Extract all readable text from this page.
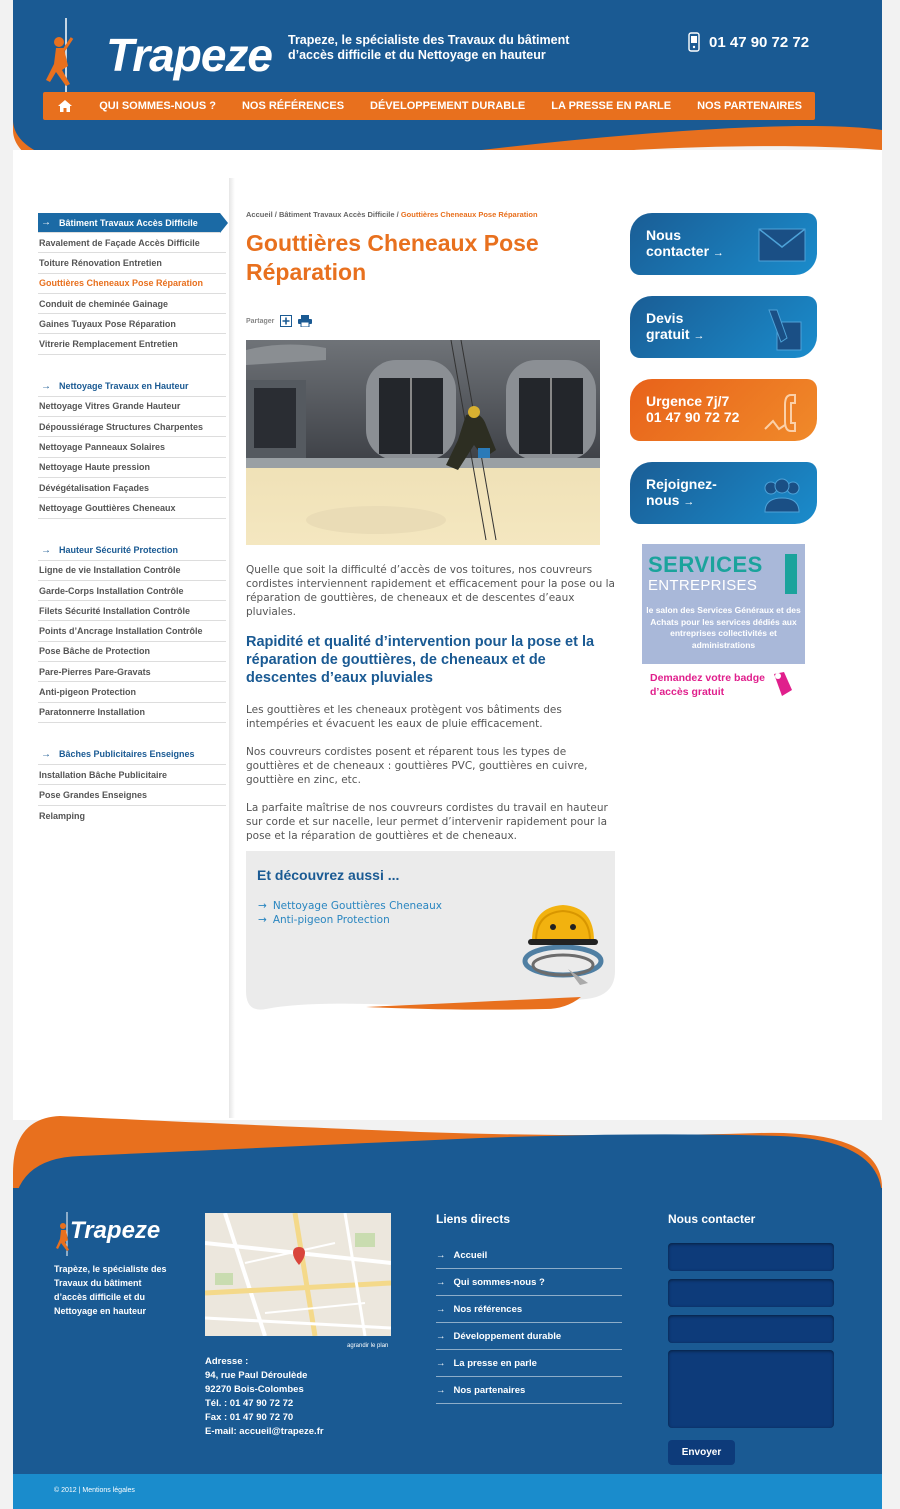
Trapeze Trapeze, le spécialiste des Travaux du bâtiment d’accès difficile et du Nettoyage en hauteur
01 47 90 72 72
QUI SOMMES-NOUS ?	NOS RÉFÉRENCES	DÉVELOPPEMENT DURABLE	LA PRESSE EN PARLE	NOS PARTENAIRES
→ Bâtiment Travaux Accès Difficile
Ravalement de Façade Accès Difficile
Toiture Rénovation Entretien
Gouttières Cheneaux Pose Réparation
Conduit de cheminée Gainage
Gaines Tuyaux Pose Réparation
Vitrerie Remplacement Entretien
→ Nettoyage Travaux en Hauteur
Nettoyage Vitres Grande Hauteur
Dépoussiérage Structures Charpentes
Nettoyage Panneaux Solaires
Nettoyage Haute pression
Dévégétalisation Façades
Nettoyage Gouttières Cheneaux
→ Hauteur Sécurité Protection
Ligne de vie Installation Contrôle
Garde-Corps Installation Contrôle
Filets Sécurité Installation Contrôle
Points d’Ancrage Installation Contrôle
Pose Bâche de Protection
Pare-Pierres Pare-Gravats
Anti-pigeon Protection
Paratonnerre Installation
→ Bâches Publicitaires Enseignes
Installation Bâche Publicitaire
Pose Grandes Enseignes
Relamping
Accueil / Bâtiment Travaux Accès Difficile / Gouttières Cheneaux Pose Réparation
Gouttières Cheneaux Pose Réparation
Partager

Quelle que soit la difficulté d’accès de vos toitures, nos couvreurs cordistes interviennent rapidement et efficacement pour la pose ou la réparation de gouttières, de cheneaux et de descentes d’eaux pluviales.

Rapidité et qualité d’intervention pour la pose et la réparation de gouttières, de cheneaux et de descentes d’eaux pluviales

Les gouttières et les cheneaux protègent vos bâtiments des intempéries et évacuent les eaux de pluie efficacement.

Nos couvreurs cordistes posent et réparent tous les types de gouttières et de cheneaux : gouttières PVC, gouttières en cuivre, gouttière en zinc, etc.

La parfaite maîtrise de nos couvreurs cordistes du travail en hauteur sur corde et sur nacelle, leur permet d’intervenir rapidement pour la pose et la réparation de gouttières et de cheneaux.

Et découvrez aussi ...
→ Nettoyage Gouttières Cheneaux
→ Anti-pigeon Protection
Nous
contacter →
Devis
gratuit →
Urgence 7j/7
01 47 90 72 72
Rejoignez-
nous →
SERVICES
ENTREPRISES
le salon des Services Généraux et des Achats pour les services dédiés aux entreprises collectivités et administrations
Demandez votre badge d’accès gratuit
Trapeze
Trapèze, le spécialiste des Travaux du bâtiment d’accès difficile et du Nettoyage en hauteur
agrandir le plan
Adresse :
94, rue Paul Déroulède
92270 Bois-Colombes
Tél. : 01 47 90 72 72
Fax : 01 47 90 72 70
E-mail: accueil@trapeze.fr
Liens directs
→ Accueil
→ Qui sommes-nous ?
→ Nos références
→ Développement durable
→ La presse en parle
→ Nos partenaires
Nous contacter
Envoyer
© 2012 | Mentions légales
